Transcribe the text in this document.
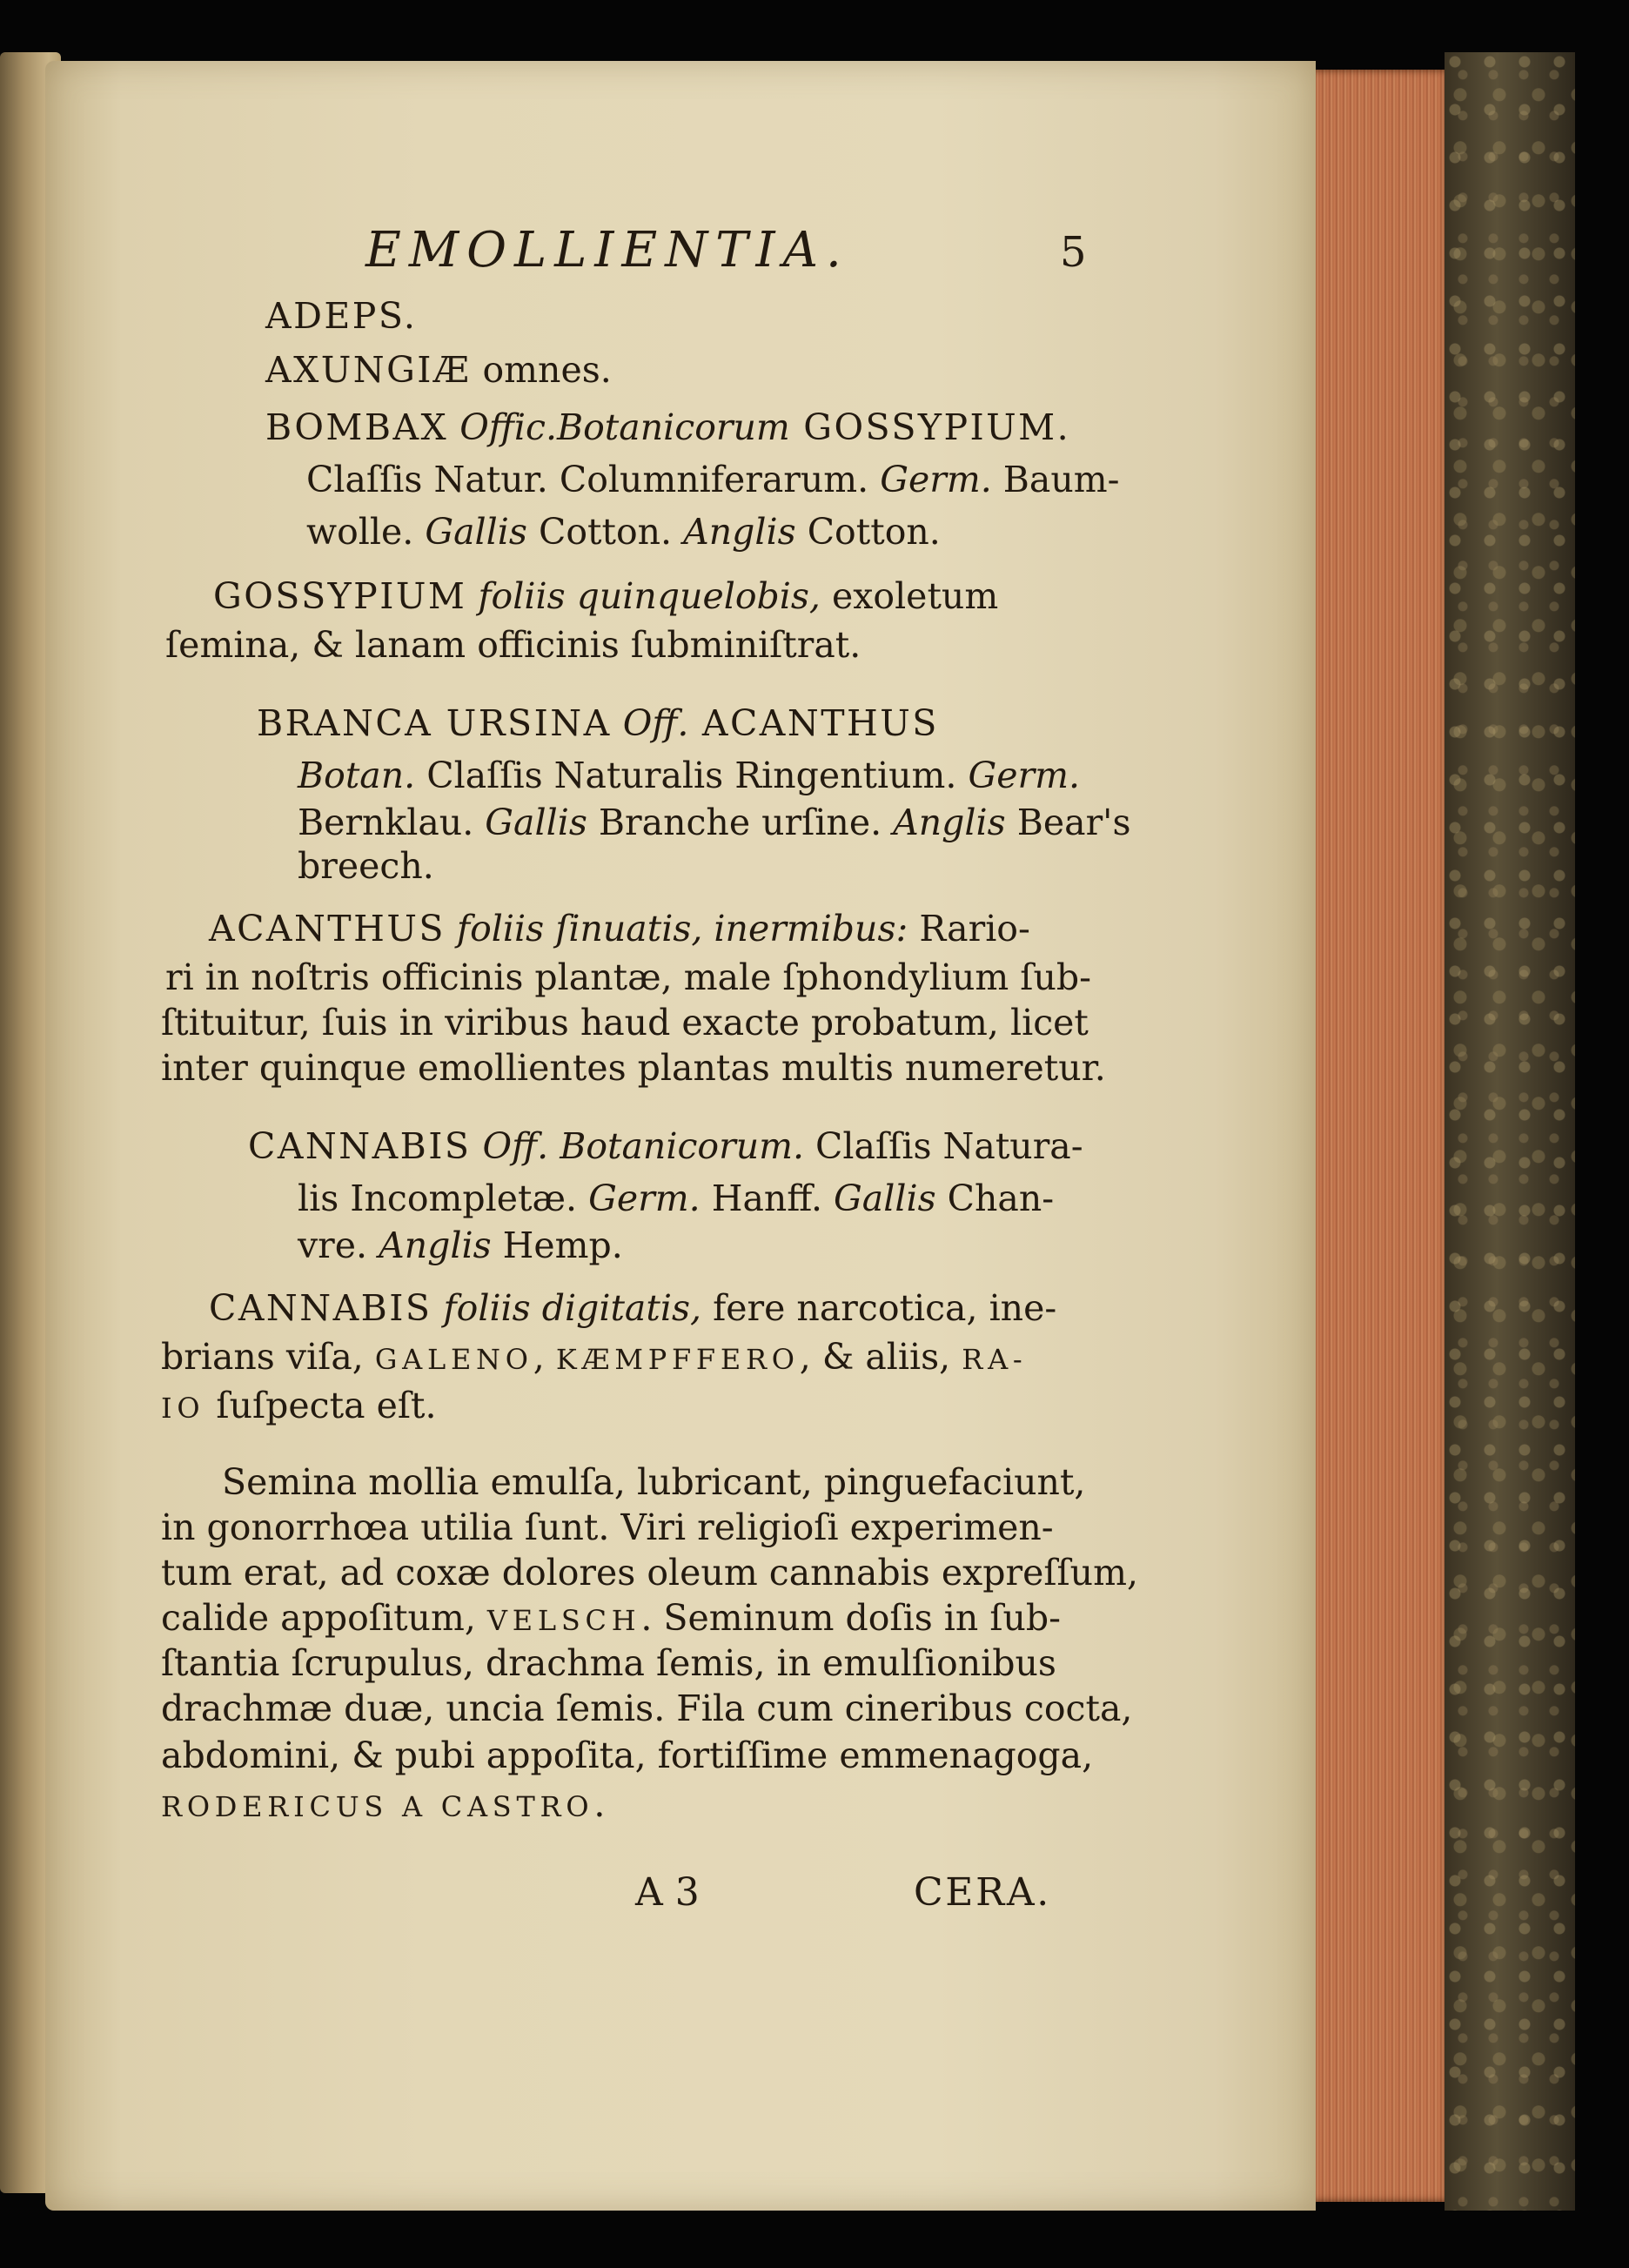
EMOLLIENTIA.	5
ADEPS.
AXUNGIÆ omnes.
BOMBAX Offic.Botanicorum GOSSYPIUM.
Claſſis Natur. Columniferarum. Germ. Baum-
wolle. Gallis Cotton. Anglis Cotton.
GOSSYPIUM foliis quinquelobis, exoletum
ſemina, & lanam officinis ſubminiſtrat.
BRANCA URSINA Off. ACANTHUS
Botan. Claſſis Naturalis Ringentium. Germ.
Bernklau. Gallis Branche urſine. Anglis Bear's
breech.
ACANTHUS foliis ſinuatis, inermibus: Rario-
ri in noſtris officinis plantæ, male ſphondylium ſub-
ſtituitur, ſuis in viribus haud exacte probatum, licet
inter quinque emollientes plantas multis numeretur.
CANNABIS Off. Botanicorum. Claſſis Natura-
lis Incompletæ. Germ. Hanff. Gallis Chan-
vre. Anglis Hemp.
CANNABIS foliis digitatis, fere narcotica, ine-
brians viſa, GALENO, KÆMPFFERO, & aliis, RA-
IO ſuſpecta eſt.
Semina mollia emulſa, lubricant, pinguefaciunt,
in gonorrhœa utilia ſunt. Viri religioſi experimen-
tum erat, ad coxæ dolores oleum cannabis expreſſum,
calide appoſitum, VELSCH. Seminum doſis in ſub-
ſtantia ſcrupulus, drachma ſemis, in emulſionibus
drachmæ duæ, uncia ſemis. Fila cum cineribus cocta,
abdomini, & pubi appoſita, fortiſſime emmenagoga,
RODERICUS A CASTRO.
A 3	CERA.
